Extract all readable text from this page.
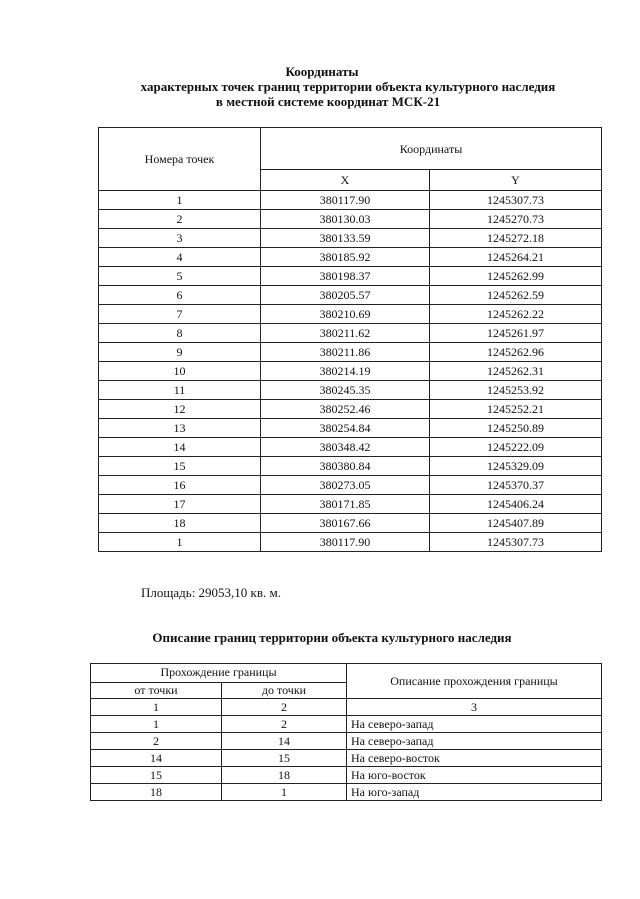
Координаты
характерных точек границ территории объекта культурного наследия
в местной системе координат МСК-21
Номера точек	Координаты	
	X	Y
1	380117.90	1245307.73
2	380130.03	1245270.73
3	380133.59	1245272.18
4	380185.92	1245264.21
5	380198.37	1245262.99
6	380205.57	1245262.59
7	380210.69	1245262.22
8	380211.62	1245261.97
9	380211.86	1245262.96
10	380214.19	1245262.31
11	380245.35	1245253.92
12	380252.46	1245252.21
13	380254.84	1245250.89
14	380348.42	1245222.09
15	380380.84	1245329.09
16	380273.05	1245370.37
17	380171.85	1245406.24
18	380167.66	1245407.89
1	380117.90	1245307.73
Площадь: 29053,10 кв. м.
Описание границ территории объекта культурного наследия
Прохождение границы		Описание прохождения границы
от точки	до точки	
1	2	3
1	2	На северо-запад
2	14	На северо-запад
14	15	На северо-восток
15	18	На юго-восток
18	1	На юго-запад
